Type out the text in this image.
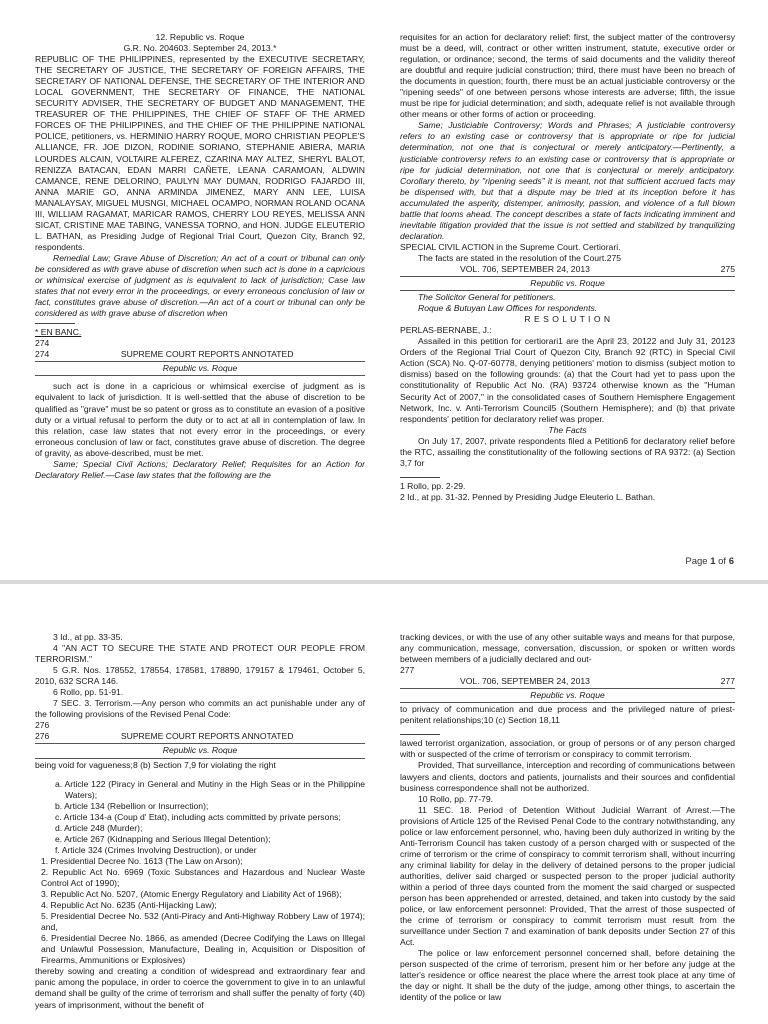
12. Republic vs. Roque
G.R. No. 204603. September 24, 2013.*
REPUBLIC OF THE PHILIPPINES, represented by the EXECUTIVE SECRETARY, THE SECRETARY OF JUSTICE, THE SECRETARY OF FOREIGN AFFAIRS, THE SECRETARY OF NATIONAL DEFENSE, THE SECRETARY OF THE INTERIOR AND LOCAL GOVERNMENT, THE SECRETARY OF FINANCE, THE NATIONAL SECURITY ADVISER, THE SECRETARY OF BUDGET AND MANAGEMENT, THE TREASURER OF THE PHILIPPINES, THE CHIEF OF STAFF OF THE ARMED FORCES OF THE PHILIPPINES, and THE CHIEF OF THE PHILIPPINE NATIONAL POLICE, petitioners, vs. HERMINIO HARRY ROQUE, MORO CHRISTIAN PEOPLE'S ALLIANCE, FR. JOE DIZON, RODINIE SORIANO, STEPHANIE ABIERA, MARIA LOURDES ALCAIN, VOLTAIRE ALFEREZ, CZARINA MAY ALTEZ, SHERYL BALOT, RENIZZA BATACAN, EDAN MARRI CAÑETE, LEANA CARAMOAN, ALDWIN CAMANCE, RENE DELORINO, PAULYN MAY DUMAN, RODRIGO FAJARDO III, ANNA MARIE GO, ANNA ARMINDA JIMENEZ, MARY ANN LEE, LUISA MANALAYSAY, MIGUEL MUSNGI, MICHAEL OCAMPO, NORMAN ROLAND OCANA III, WILLIAM RAGAMAT, MARICAR RAMOS, CHERRY LOU REYES, MELISSA ANN SICAT, CRISTINE MAE TABING, VANESSA TORNO, and HON. JUDGE ELEUTERIO L. BATHAN, as Presiding Judge of Regional Trial Court, Quezon City, Branch 92, respondents.
Remedial Law; Grave Abuse of Discretion; An act of a court or tribunal can only be considered as with grave abuse of discretion when such act is done in a capricious or whimsical exercise of judgment as is equivalent to lack of jurisdiction; Case law states that not every error in the proceedings, or every erroneous conclusion of law or fact, constitutes grave abuse of discretion.—An act of a court or tribunal can only be considered as with grave abuse of discretion when
* EN BANC.
274
274	SUPREME COURT REPORTS ANNOTATED
Republic vs. Roque
such act is done in a capricious or whimsical exercise of judgment as is equivalent to lack of jurisdiction. It is well-settled that the abuse of discretion to be qualified as "grave" must be so patent or gross as to constitute an evasion of a positive duty or a virtual refusal to perform the duty or to act at all in contemplation of law. In this relation, case law states that not every error in the proceedings, or every erroneous conclusion of law or fact, constitutes grave abuse of discretion. The degree of gravity, as above-described, must be met.
Same; Special Civil Actions; Declaratory Relief; Requisites for an Action for Declaratory Relief.—Case law states that the following are the
requisites for an action for declaratory relief: first, the subject matter of the controversy must be a deed, will, contract or other written instrument, statute, executive order or regulation, or ordinance; second, the terms of said documents and the validity thereof are doubtful and require judicial construction; third, there must have been no breach of the documents in question; fourth, there must be an actual justiciable controversy or the "ripening seeds" of one between persons whose interests are adverse; fifth, the issue must be ripe for judicial determination; and sixth, adequate relief is not available through other means or other forms of action or proceeding.
Same; Justiciable Controversy; Words and Phrases; A justiciable controversy refers to an existing case or controversy that is appropriate or ripe for judicial determination, not one that is conjectural or merely anticipatory.—Pertinently, a justiciable controversy refers to an existing case or controversy that is appropriate or ripe for judicial determination, not one that is conjectural or merely anticipatory. Corollary thereto, by "ripening seeds" it is meant, not that sufficient accrued facts may be dispensed with, but that a dispute may be tried at its inception before it has accumulated the asperity, distemper, animosity, passion, and violence of a full blown battle that looms ahead. The concept describes a state of facts indicating imminent and inevitable litigation provided that the issue is not settled and stabilized by tranquilizing declaration.
SPECIAL CIVIL ACTION in the Supreme Court. Certiorari.
The facts are stated in the resolution of the Court.275
VOL. 706, SEPTEMBER 24, 2013	275
Republic vs. Roque
The Solicitor General for petitioners.
Roque & Butuyan Law Offices for respondents.
R E S O L U T I O N
PERLAS-BERNABE, J.:
Assailed in this petition for certiorari1 are the April 23, 20122 and July 31, 20123 Orders of the Regional Trial Court of Quezon City, Branch 92 (RTC) in Special Civil Action (SCA) No. Q-07-60778, denying petitioners' motion to dismiss (subject motion to dismiss) based on the following grounds: (a) that the Court had yet to pass upon the constitutionality of Republic Act No. (RA) 93724 otherwise known as the "Human Security Act of 2007," in the consolidated cases of Southern Hemisphere Engagement Network, Inc. v. Anti-Terrorism Council5 (Southern Hemisphere); and (b) that private respondents' petition for declaratory relief was proper.
The Facts
On July 17, 2007, private respondents filed a Petition6 for declaratory relief before the RTC, assailing the constitutionality of the following sections of RA 9372: (a) Section 3,7 for
1 Rollo, pp. 2-29.
2 Id., at pp. 31-32. Penned by Presiding Judge Eleuterio L. Bathan.
Page 1 of 6
3 Id., at pp. 33-35.
4 "AN ACT TO SECURE THE STATE AND PROTECT OUR PEOPLE FROM TERRORISM."
5 G.R. Nos. 178552, 178554, 178581, 178890, 179157 & 179461, October 5, 2010, 632 SCRA 146.
6 Rollo, pp. 51-91.
7 SEC. 3. Terrorism.—Any person who commits an act punishable under any of the following provisions of the Revised Penal Code:
276
276	SUPREME COURT REPORTS ANNOTATED
Republic vs. Roque
being void for vagueness;8 (b) Section 7,9 for violating the right
a. Article 122 (Piracy in General and Mutiny in the High Seas or in the Philippine Waters);
b. Article 134 (Rebellion or Insurrection);
c. Article 134-a (Coup d' Etat), including acts committed by private persons;
d. Article 248 (Murder);
e. Article 267 (Kidnapping and Serious Illegal Detention);
f. Article 324 (Crimes Involving Destruction), or under
1. Presidential Decree No. 1613 (The Law on Arson);
2. Republic Act No. 6969 (Toxic Substances and Hazardous and Nuclear Waste Control Act of 1990);
3. Republic Act No. 5207, (Atomic Energy Regulatory and Liability Act of 1968);
4. Republic Act No. 6235 (Anti-Hijacking Law);
5. Presidential Decree No. 532 (Anti-Piracy and Anti-Highway Robbery Law of 1974); and,
6. Presidential Decree No. 1866, as amended (Decree Codifying the Laws on Illegal and Unlawful Possession, Manufacture, Dealing in, Acquisition or Disposition of Firearms, Ammunitions or Explosives)
thereby sowing and creating a condition of widespread and extraordinary fear and panic among the populace, in order to coerce the government to give in to an unlawful demand shall be guilty of the crime of terrorism and shall suffer the penalty of forty (40) years of imprisonment, without the benefit of
tracking devices, or with the use of any other suitable ways and means for that purpose, any communication, message, conversation, discussion, or spoken or written words between members of a judicially declared and out-
277
VOL. 706, SEPTEMBER 24, 2013	277
Republic vs. Roque
to privacy of communication and due process and the privileged nature of priest-penitent relationships;10 (c) Section 18,11
lawed terrorist organization, association, or group of persons or of any person charged with or suspected of the crime of terrorism or conspiracy to commit terrorism.
Provided, That surveillance, interception and recording of communications between lawyers and clients, doctors and patients, journalists and their sources and confidential business correspondence shall not be authorized.
10 Rollo, pp. 77-79.
11 SEC. 18. Period of Detention Without Judicial Warrant of Arrest.—The provisions of Article 125 of the Revised Penal Code to the contrary notwithstanding, any police or law enforcement personnel, who, having been duly authorized in writing by the Anti-Terrorism Council has taken custody of a person charged with or suspected of the crime of terrorism or the crime of conspiracy to commit terrorism shall, without incurring any criminal liability for delay in the delivery of detained persons to the proper judicial authorities, deliver said charged or suspected person to the proper judicial authority within a period of three days counted from the moment the said charged or suspected person has been apprehended or arrested, detained, and taken into custody by the said police, or law enforcement personnel: Provided, That the arrest of those suspected of the crime of terrorism or conspiracy to commit terrorism must result from the surveillance under Section 7 and examination of bank deposits under Section 27 of this Act.
The police or law enforcement personnel concerned shall, before detaining the person suspected of the crime of terrorism, present him or her before any judge at the latter's residence or office nearest the place where the arrest took place at any time of the day or night. It shall be the duty of the judge, among other things, to ascertain the identity of the police or law
